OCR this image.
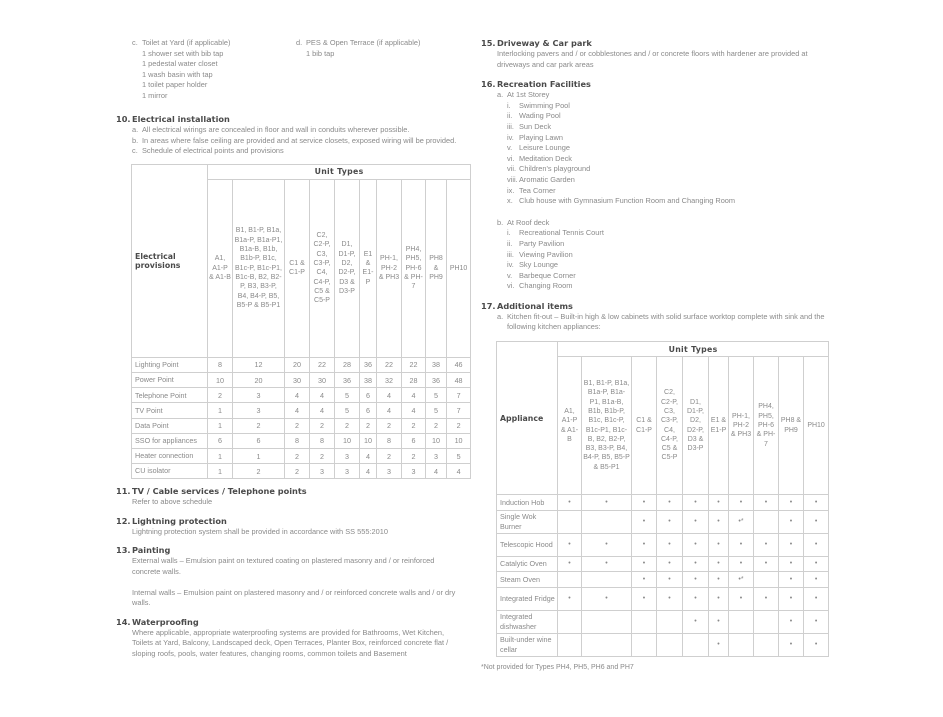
c. Toilet at Yard (if applicable)
1 shower set with bib tap
1 pedestal water closet
1 wash basin with tap
1 toilet paper holder
1 mirror
d. PES & Open Terrace (if applicable)
1 bib tap
10.Electrical installation
a. All electrical wirings are concealed in floor and wall in conduits wherever possible.
b. In areas where false ceiling are provided and at service closets, exposed wiring will be provided.
c. Schedule of electrical points and provisions
Electrical provisions	Unit Types									
	A1, A1-P & A1-B	B1, B1-P, B1a, B1a-P, B1a-P1, B1a-B, B1b, B1b-P, B1c, B1c-P, B1c-P1, B1c-B, B2, B2-P, B3, B3-P, B4, B4-P, B5, B5-P & B5-P1	C1 & C1-P	C2, C2-P, C3, C3-P, C4, C4-P, C5 & C5-P	D1, D1-P, D2, D2-P, D3 & D3-P	E1 & E1-P	PH-1, PH-2 & PH3	PH4, PH5, PH-6 & PH-7	PH8 & PH9	PH10
Lighting Point	8	12	20	22	28	36	22	22	38	46
Power Point	10	20	30	30	36	38	32	28	36	48
Telephone Point	2	3	4	4	5	6	4	4	5	7
TV Point	1	3	4	4	5	6	4	4	5	7
Data Point	1	2	2	2	2	2	2	2	2	2
SSO for appliances	6	6	8	8	10	10	8	6	10	10
Heater connection	1	1	2	2	3	4	2	2	3	5
CU isolator	1	2	2	3	3	4	3	3	4	4
11.TV / Cable services / Telephone points
Refer to above schedule
12.Lightning protection
Lightning protection system shall be provided in accordance with SS 555:2010
13.Painting
External walls – Emulsion paint on textured coating on plastered masonry and / or reinforced concrete walls.
Internal walls – Emulsion paint on plastered masonry and / or reinforced concrete walls and / or dry walls.
14.Waterproofing
Where applicable, appropriate waterproofing systems are provided for Bathrooms, Wet Kitchen, Toilets at Yard, Balcony, Landscaped deck, Open Terraces, Planter Box, reinforced concrete flat / sloping roofs, pools, water features, changing rooms, common toilets and Basement
15.Driveway & Car park
Interlocking pavers and / or cobblestones and / or concrete floors with hardener are provided at driveways and car park areas
16.Recreation Facilities
a. At 1st Storey
i.	Swimming Pool
ii. Wading Pool
iii. Sun Deck
iv. Playing Lawn
v. Leisure Lounge
vi. Meditation Deck
vii. Children's playground
viii. Aromatic Garden
ix. Tea Corner
x. Club house with Gymnasium Function Room and Changing Room
b. At Roof deck
i.	Recreational Tennis Court
ii. Party Pavilion
iii. Viewing Pavilion
iv. Sky Lounge
v. Barbeque Corner
vi. Changing Room
17.Additional items
a. Kitchen fit-out – Built-in high & low cabinets with solid surface worktop complete with sink and the following kitchen appliances:
Appliance	Unit Types									
	A1, A1-P & A1-B	B1, B1-P, B1a, B1a-P, B1a-P1, B1a-B, B1b, B1b-P, B1c, B1c-P, B1c-P1, B1c-B, B2, B2-P, B3, B3-P, B4, B4-P, B5, B5-P & B5-P1	C1 & C1-P	C2, C2-P, C3, C3-P, C4, C4-P, C5 & C5-P	D1, D1-P, D2, D2-P, D3 & D3-P	E1 & E1-P	PH-1, PH-2 & PH3	PH4, PH5, PH-6 & PH-7	PH8 & PH9	PH10
Induction Hob	•	•	•	•	•	•	•	•	•	•
Single Wok Burner			•	•	•	•	•*		•	•
Telescopic Hood	•	•	•	•	•	•	•	•	•	•
Catalytic Oven	•	•	•	•	•	•	•	•	•	•
Steam Oven			•	•	•	•	•*		•	•
Integrated Fridge	•	•	•	•	•	•	•	•	•	•
Integrated dishwasher					•	•			•	•
Built-under wine cellar						•			•	•
*Not provided for Types PH4, PH5, PH6 and PH7
